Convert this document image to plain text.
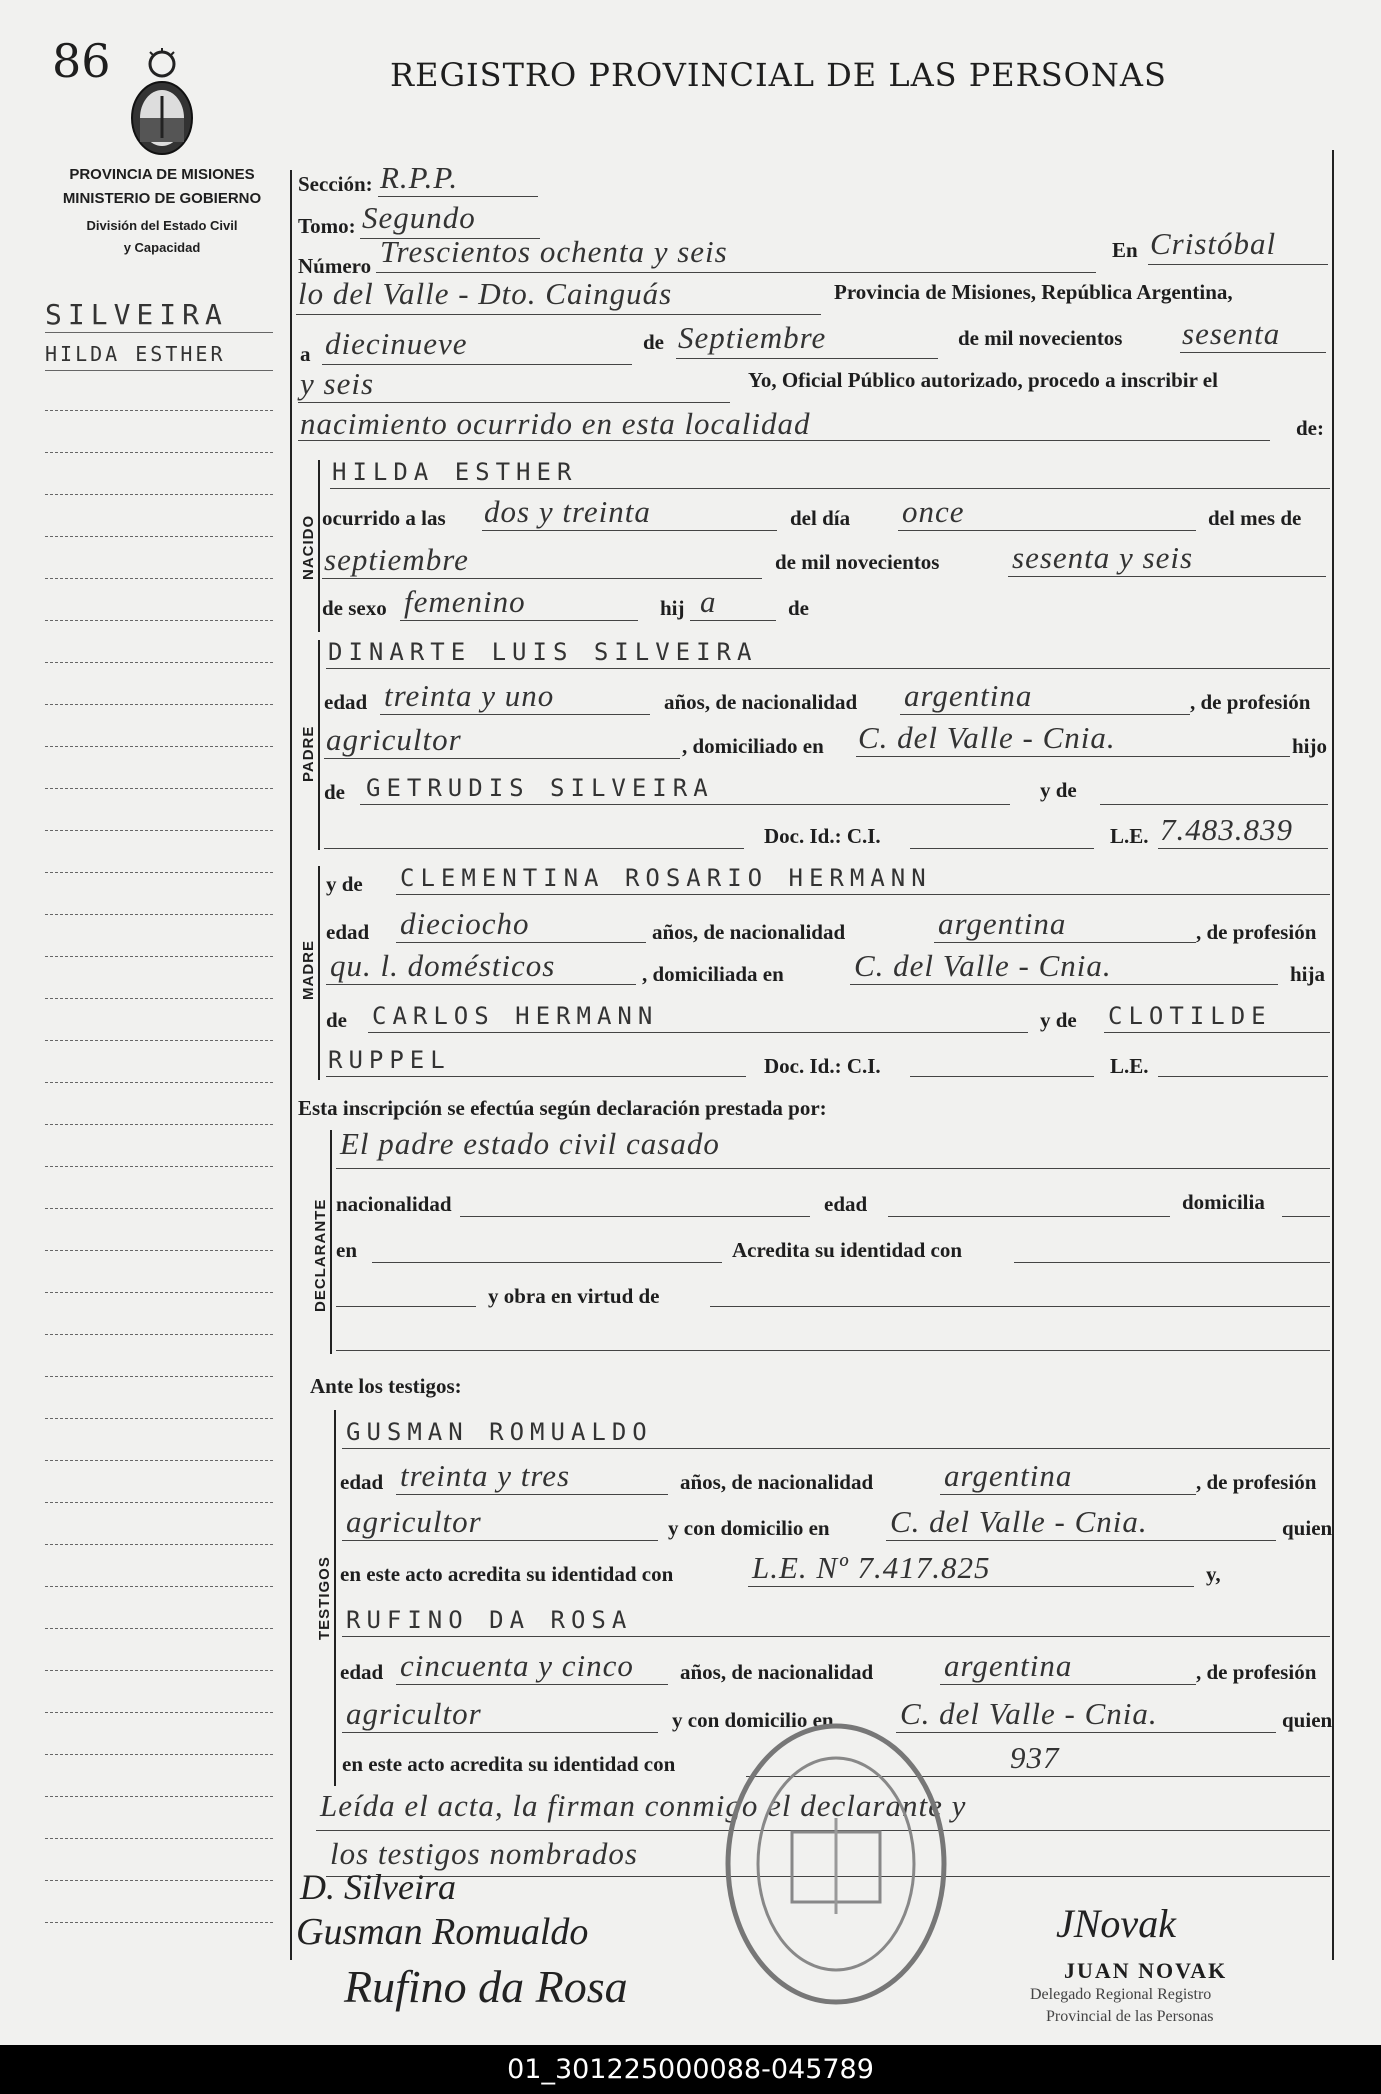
86	REGISTRO PROVINCIAL DE LAS PERSONAS
PROVINCIA DE MISIONES
MINISTERIO DE GOBIERNO
División del Estado Civil
y Capacidad
SILVEIRA
HILDA ESTHER
Sección: R.P.P.
Tomo: Segundo
Número Trescientos ochenta y seis	En Cristóbal
lo del Valle - Dto. Cainguás	Provincia de Misiones, República Argentina,
a diecinueve	de Septiembre	de mil novecientos sesenta
y seis	Yo, Oficial Público autorizado, procedo a inscribir el
nacimiento ocurrido en esta localidad	de:
NACIDO
HILDA ESTHER
ocurrido a las dos y treinta	del día once	del mes de
septiembre	de mil novecientos sesenta y seis
de sexo femenino	hij a	de
PADRE
DINARTE LUIS SILVEIRA
edad treinta y uno	años, de nacionalidad argentina	, de profesión
agricultor	, domiciliado en C. del Valle - Cnia.	hijo
de GETRUDIS SILVEIRA	y de
Doc. Id.: C.I.	L.E. 7.483.839
MADRE
y de CLEMENTINA ROSARIO HERMANN
edad dieciocho	años, de nacionalidad	argentina	, de profesión
qu. l. domésticos	, domiciliada en C. del Valle - Cnia.	hija
de CARLOS HERMANN	y de CLOTILDE
RUPPEL	Doc. Id.: C.I.	L.E.
Esta inscripción se efectúa según declaración prestada por:
DECLARANTE
El padre estado civil casado
nacionalidad	edad	domicilia
en	Acredita su identidad con
y obra en virtud de
Ante los testigos:
TESTIGOS
GUSMAN ROMUALDO
edad treinta y tres	años, de nacionalidad argentina	, de profesión
agricultor	y con domicilio en C. del Valle - Cnia.	quien
en este acto acredita su identidad con	L.E. Nº 7.417.825	y,
RUFINO DA ROSA
edad cincuenta y cinco años, de nacionalidad argentina	, de profesión
agricultor	y con domicilio en C. del Valle - Cnia.	quien
en este acto acredita su identidad con	937
Leída el acta, la firman conmigo el declarante y
los testigos nombrados
D. Silveira
Gusman Romualdo
Rufino da Rosa
JNovak
JUAN NOVAK
Delegado Regional Registro
Provincial de las Personas
01_301225000088-045789
